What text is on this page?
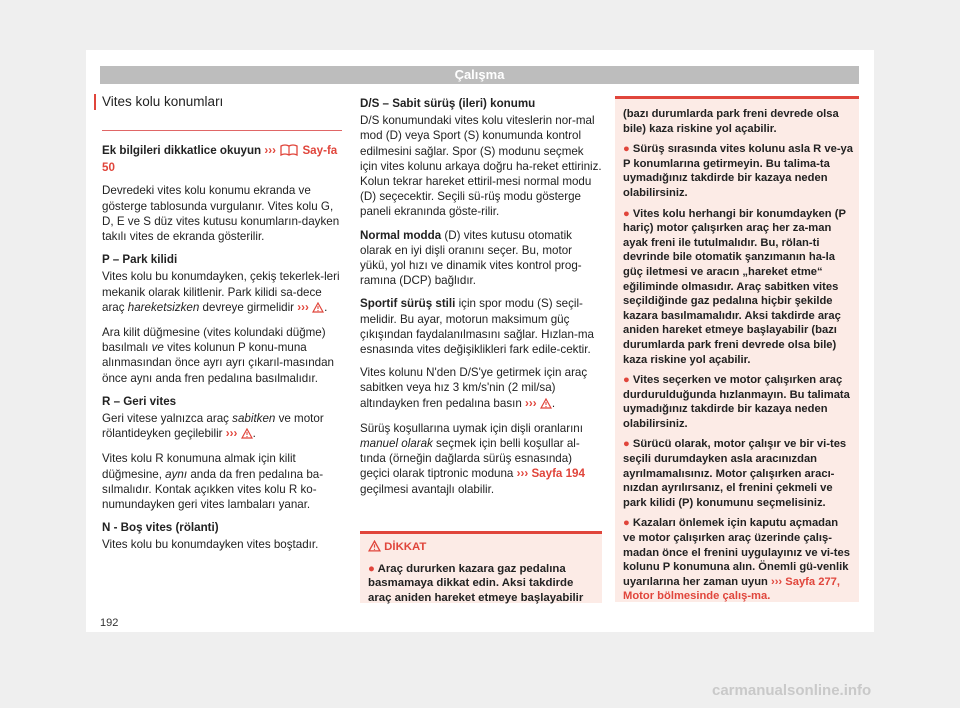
Çalışma
Vites kolu konumları

Ek bilgileri dikkatlice okuyun ››› Say-fa 50

Devredeki vites kolu konumu ekranda ve gösterge tablosunda vurgulanır. Vites kolu G, D, E ve S düz vites kutusu konumların-dayken takılı vites de ekranda gösterilir.

P – Park kilidi

Vites kolu bu konumdayken, çekiş tekerlek-leri mekanik olarak kilitlenir. Park kilidi sa-dece araç hareketsizken devreye girmelidir ››› .

Ara kilit düğmesine (vites kolundaki düğme) basılmalı ve vites kolunun P konu-muna alınmasından önce ayrı ayrı çıkarıl-masından önce aynı anda fren pedalına basılmalıdır.

R – Geri vites

Geri vitese yalnızca araç sabitken ve motor rölantideyken geçilebilir ››› .

Vites kolu R konumuna almak için kilit düğmesine, aynı anda da fren pedalına ba-sılmalıdır. Kontak açıkken vites kolu R ko-numundayken geri vites lambaları yanar.

N - Boş vites (rölanti)

Vites kolu bu konumdayken vites boştadır.

D/S – Sabit sürüş (ileri) konumu

D/S konumundaki vites kolu viteslerin nor-mal mod (D) veya Sport (S) konumunda kontrol edilmesini sağlar. Spor (S) modunu seçmek için vites kolunu arkaya doğru ha-reket ettiriniz. Kolun tekrar hareket ettiril-mesi normal modu (D) seçecektir. Seçili sü-rüş modu gösterge paneli ekranında göste-rilir.

Normal modda (D) vites kutusu otomatik olarak en iyi dişli oranını seçer. Bu, motor yükü, yol hızı ve dinamik vites kontrol prog-ramına (DCP) bağlıdır.

Sportif sürüş stili için spor modu (S) seçil-melidir. Bu ayar, motorun maksimum güç çıkışından faydalanılmasını sağlar. Hızlan-ma esnasında vites değişiklikleri fark edile-cektir.

Vites kolunu N'den D/S'ye getirmek için araç sabitken veya hız 3 km/s'nin (2 mil/sa) altındayken fren pedalına basın ››› .

Sürüş koşullarına uymak için dişli oranlarını manuel olarak seçmek için belli koşullar al-tında (örneğin dağlarda sürüş esnasında) geçici olarak tiptronic moduna ››› Sayfa 194 geçilmesi avantajlı olabilir.

DİKKAT
● Araç dururken kazara gaz pedalına basmamaya dikkat edin. Aksi takdirde araç aniden hareket etmeye başlayabilir

(bazı durumlarda park freni devrede olsa bile) kaza riskine yol açabilir.

● Sürüş sırasında vites kolunu asla R ve-ya P konumlarına getirmeyin. Bu talima-ta uymadığınız takdirde bir kazaya neden olabilirsiniz.

● Vites kolu herhangi bir konumdayken (P hariç) motor çalışırken araç her za-man ayak freni ile tutulmalıdır. Bu, rölan-ti devrinde bile otomatik şanzımanın ha-la güç iletmesi ve aracın „hareket etme“ eğiliminde olmasıdır. Araç sabitken vites seçildiğinde gaz pedalına hiçbir şekilde kazara basılmamalıdır. Aksi takdirde araç aniden hareket etmeye başlayabilir (bazı durumlarda park freni devrede olsa bile) kaza riskine yol açabilir.

● Vites seçerken ve motor çalışırken araç durdurulduğunda hızlanmayın. Bu talimata uymadığınız takdirde bir kazaya neden olabilirsiniz.

● Sürücü olarak, motor çalışır ve bir vi-tes seçili durumdayken asla aracınızdan ayrılmamalısınız. Motor çalışırken aracı-nızdan ayrılırsanız, el frenini çekmeli ve park kilidi (P) konumunu seçmelisiniz.

● Kazaları önlemek için kaputu açmadan ve motor çalışırken araç üzerinde çalış-madan önce el frenini uygulayınız ve vi-tes kolunu P konumuna alın. Önemli gü-venlik uyarılarına her zaman uyun ››› Sayfa 277, Motor bölmesinde çalış-ma.

192
carmanualsonline.info
